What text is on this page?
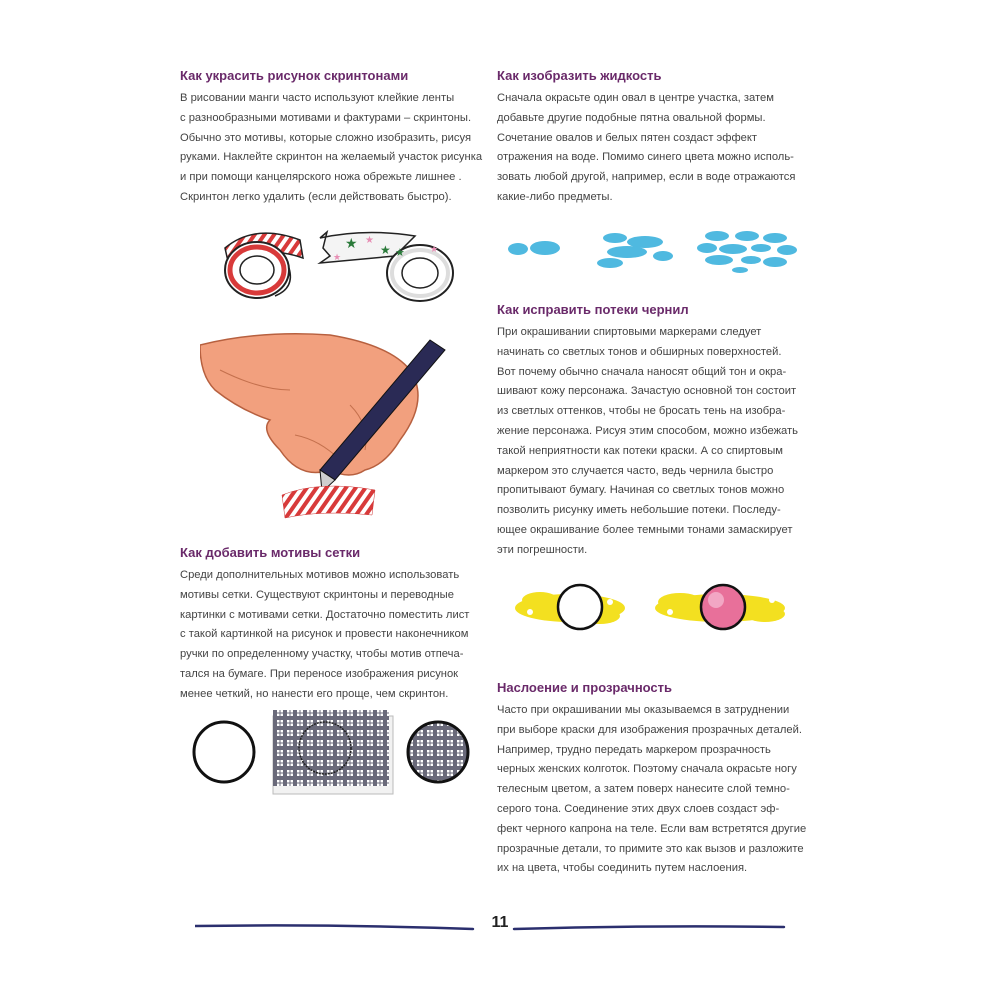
Как украсить рисунок скринтонами

В рисовании манги часто используют клейкие ленты
с разнообразными мотивами и фактурами – скринтоны.
Обычно это мотивы, которые сложно изобразить, рисуя
руками. Наклейте скринтон на желаемый участок рисунка
и при помощи канцелярского ножа обрежьте лишнее .
Скринтон легко удалить (если действовать быстро).

★ ★
★
★	★	★
Как добавить мотивы сетки

Среди дополнительных мотивов можно использовать
мотивы сетки. Существуют скринтоны и переводные
картинки с мотивами сетки. Достаточно поместить лист
с такой картинкой на рисунок и провести наконечником
ручки по определенному участку, чтобы мотив отпеча-
тался на бумаге. При переносе изображения рисунок
менее четкий, но нанести его проще, чем скринтон.

Как изобразить жидкость

Сначала окрасьте один овал в центре участка, затем
добавьте другие подобные пятна овальной формы.
Сочетание овалов и белых пятен создаст эффект
отражения на воде. Помимо синего цвета можно исполь-
зовать любой другой, например, если в воде отражаются
какие-либо предметы.

Как исправить потеки чернил

При окрашивании спиртовыми маркерами следует
начинать со светлых тонов и обширных поверхностей.
Вот почему обычно сначала наносят общий тон и окра-
шивают кожу персонажа. Зачастую основной тон состоит
из светлых оттенков, чтобы не бросать тень на изобра-
жение персонажа. Рисуя этим способом, можно избежать
такой неприятности как потеки краски. А со спиртовым
маркером это случается часто, ведь чернила быстро
пропитывают бумагу. Начиная со светлых тонов можно
позволить рисунку иметь небольшие потеки. Последу-
ющее окрашивание более темными тонами замаскирует
эти погрешности.

Наслоение и прозрачность

Часто при окрашивании мы оказываемся в затруднении
при выборе краски для изображения прозрачных деталей.
Например, трудно передать маркером прозрачность
черных женских колготок. Поэтому сначала окрасьте ногу
телесным цветом, а затем поверх нанесите слой темно-
серого тона. Соединение этих двух слоев создаст эф-
фект черного капрона на теле. Если вам встретятся другие
прозрачные детали, то примите это как вызов и разложите
их на цвета, чтобы соединить путем наслоения.

11
